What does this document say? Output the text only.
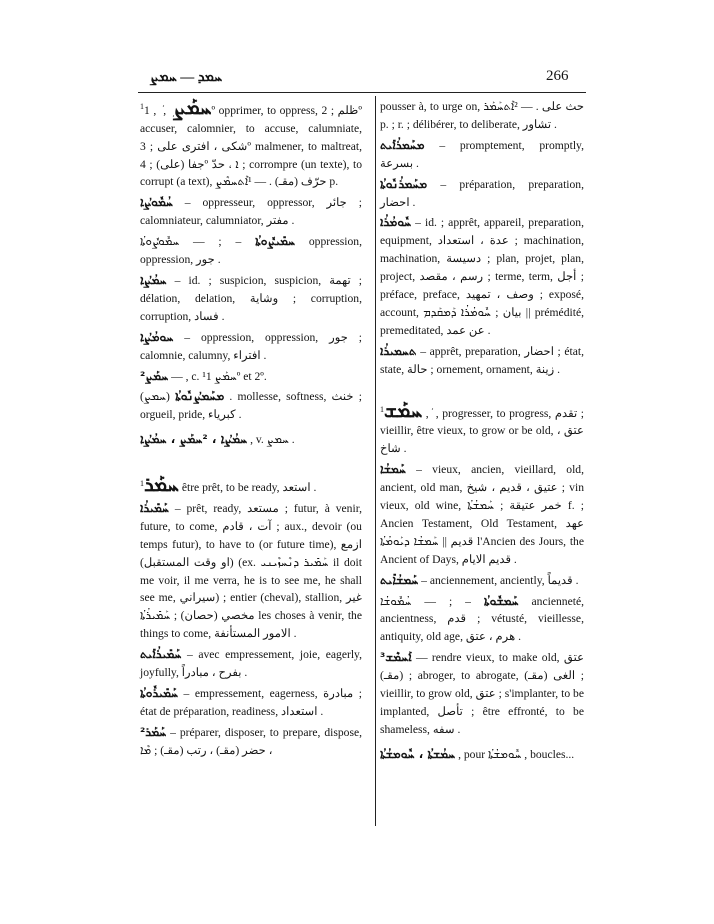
ܚܡܕ — ܚܡܨ	266

$^1$ ܚܡܰܨ ܼ , ܿ , 1º opprimer, to oppress, ظلم ; 2º accuser, calomnier, to accuse, calumniate, شكى ، افترى على ; 3º malmener, to maltreat, جفا (على) ; 4º ܐ ، حدّ ; corrompre (un texte), to corrupt (a text), حرّف (مقـ) . — ¹ܐܶܬܚܡܶܨ p.

ܚܳܡܽܘܨܳܐ – oppresseur, oppressor, جائر ; calomniateur, calumniator, مفتر .

ܚܡܺܝܨܽܘܬܳܐ – ; — ܚܡܽܘܨܽܘܬܳܐ oppression, oppression, جور .

ܚܡܳܨܳܐ – id. ; suspicion, suspicion, تهمة ; délation, delation, وشاية ; corruption, corruption, فساد .

ܚܘܡܳܨܳܐ – oppression, oppression, جور ; calomnie, calumny, افتراء .

²ܚܡܰܨ — , c. ¹ܚܡܰܨ 1º et 2º.

ܡܚܰܡܨܳܢܽܘܬܳܐ (ܚܡܨ) . mollesse, softness, خنث ; orgueil, pride, كبرياء .

ܚܡܳܨܳܐ ، ²ܚܡܰܨ ، ܚܡܳܨܳܐ , v. ܚܡܨ .

$^1$ܚܡܰܪ être prêt, to be ready, استعد .

ܚܰܡܺܝܪܳܐ – prêt, ready, مستعد ; futur, à venir, future, to come, آت ، قادم ; aux., devoir (ou temps futur), to have to (or future time), ازمع (او وقت المستقبل) (ex. ܚܰܡܺܝܪ ܕܢܶܚܙܶܝܢܝ il doit me voir, il me verra, he is to see me, he shall see me, سيراني) ; entier (cheval), stallion, غير مخصي (حصان) ; ܚܰܡܺܝܪܳܬܳܐ les choses à venir, the things to come, الامور المستأنفة .

ܚܰܡܺܝܪܳܐܺܝܬ – avec empressement, joie, eagerly, joyfully, بفرح ، مبادراً .

ܚܰܡܺܝܪܽܘܬܳܐ – empressement, eagerness, مبادرة ; état de préparation, readiness, استعداد .

²ܚܰܡܰܪ – préparer, disposer, to prepare, dispose, حضر (مقـ) ، رتب (مقـ) ; ܡܶܐ ،

pousser à, to urge on, حث على . — ²ܐܶܬܚܰܡܰܪ p. ; r. ; délibérer, to deliberate, تشاور .

ܡܚܰܡܪܳܐܺܝܬ – promptement, promptly, بسرعة .

ܡܚܰܡܪܳܢܽܘܬܳܐ – préparation, preparation, احضار .

ܚܽܘܡܳܪܳܐ – id. ; apprêt, appareil, preparation, equipment, عدة ، استعداد ; machination, machination, دسيسة ; plan, projet, plan, project, رسم ، مقصد ; terme, term, أجل ; préface, preface, وصف ، تمهيد ; exposé, account, بيان ; ܚܽܘܡܳܪܳܐ ܕܰܡܩܰܕܡ || prémédité, premeditated, عن عمد .

ܬܚܡܝܪܳܐ – apprêt, preparation, احضار ; état, state, حالة ; ornement, ornament, زينة .

$^1$ܚܡܰܫ , ܿ , progresser, to progress, تقدم ; vieillir, être vieux, to grow or be old, عتق ، شاخ .

ܚܰܡܫܳܐ – vieux, ancien, vieillard, old, ancient, old man, عتيق ، قديم ، شيخ ; vin vieux, old wine, خمر عتيقة ; ܚܰܡܫܳܬܳܐ f. ; Ancien Testament, Old Testament, عهد قديم || ܚܰܡܫܳܐ ܕܝܰܘܡܳܬܳܐ l'Ancien des Jours, the Ancient of Days, قديم الايام .

ܚܰܡܫܳܐܺܝܬ – anciennement, anciently, قديماً .

ܚܰܡܫܽܘܬܳܐ – ; — ܚܳܡܽܘܫܳܐ ancienneté, ancientness, قدم ; vétusté, vieillesse, antiquity, old age, هرم ، عتق .

³ܐܰܚܡܶܫ — rendre vieux, to make old, عتق (مقـ) ; abroger, to abrogate, الغى (مقـ) ; vieillir, to grow old, عتق ; s'implanter, to be implanted, تأصل ; être effronté, to be shameless, سفه .

ܚܡܳܫܬܳܐ ، ܚܽܘܡܫܳܬܳܐ , pour ܚܽܘܡܫܳܬܳܐ , boucles...
